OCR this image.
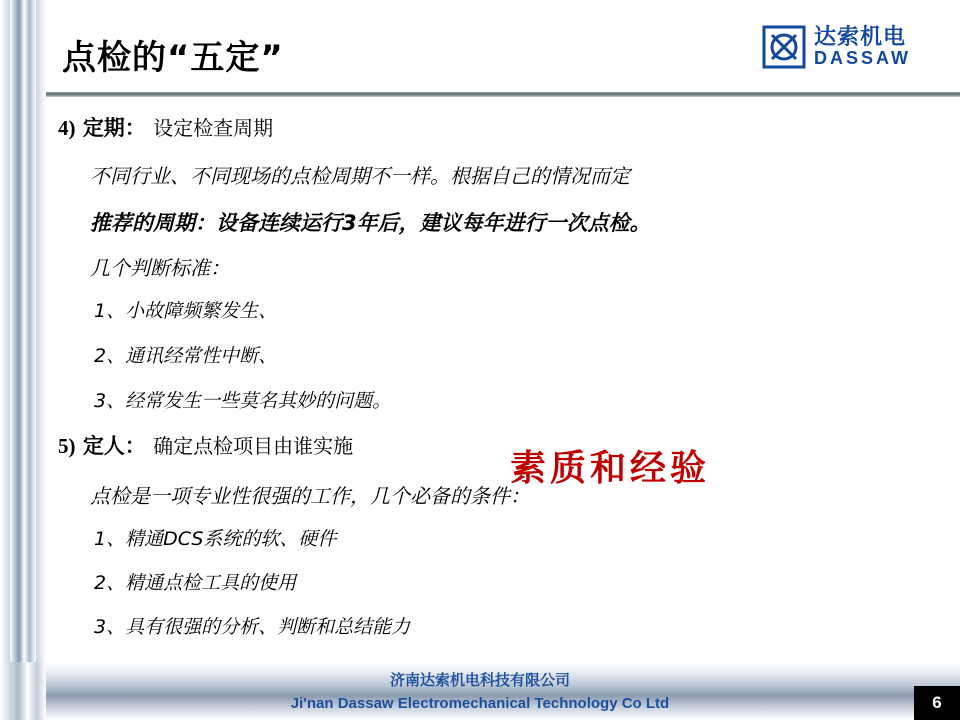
点检的“五定”
达索机电
DASSAW
4) 定期： 设定检查周期
不同行业、不同现场的点检周期不一样。根据自己的情况而定
推荐的周期：设备连续运行3年后，建议每年进行一次点检。
几个判断标准：
1、小故障频繁发生、
2、通讯经常性中断、
3、经常发生一些莫名其妙的问题。
5) 定人： 确定点检项目由谁实施
点检是一项专业性很强的工作，几个必备的条件：
1、精通DCS系统的软、硬件
2、精通点检工具的使用
3、具有很强的分析、判断和总结能力
素质和经验
济南达索机电科技有限公司
Ji'nan Dassaw Electromechanical Technology Co Ltd	6
